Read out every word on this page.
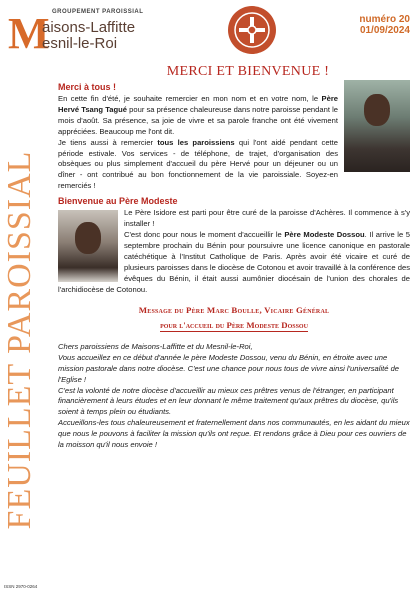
M GROUPEMENT PAROISSIAL
aisons-Laffitte
esnil-le-Roi
numéro 20
01/09/2024
FEUILLET PAROISSIAL
ISSN 2970-0264
MERCI ET BIENVENUE !
Merci à tous !

En cette fin d'été, je souhaite remercier en mon nom et en votre nom, le Père Hervé Tsang Tagué pour sa présence chaleureuse dans notre paroisse pendant le mois d'août. Sa présence, sa joie de vivre et sa parole franche ont été vivement appréciées. Beaucoup me l'ont dit.

Je tiens aussi à remercier tous les paroissiens qui l'ont aidé pendant cette période estivale. Vos services - de téléphone, de trajet, d'organisation des obsèques ou plus simplement d'accueil du père Hervé pour un déjeuner ou un dîner - ont contribué au bon fonctionnement de la vie paroissiale. Soyez-en remerciés !

Bienvenue au Père Modeste

Le Père Isidore est parti pour être curé de la paroisse d'Achères. Il commence à s'y installer !

C'est donc pour nous le moment d'accueillir le Père Modeste Dossou. Il arrive le 5 septembre prochain du Bénin pour poursuivre une licence canonique en pastorale catéchétique à l'Institut Catholique de Paris. Après avoir été vicaire et curé de plusieurs paroisses dans le diocèse de Cotonou et avoir travaillé à la conférence des évêques du Bénin, il était aussi aumônier diocésain de l'union des chorales de l'archidiocèse de Cotonou.

Message du Père Marc Boulle, Vicaire Général
pour l'accueil du Père Modeste Dossou

Chers paroissiens de Maisons-Laffitte et du Mesnil-le-Roi,

Vous accueillez en ce début d'année le père Modeste Dossou, venu du Bénin, en étroite avec une mission pastorale dans notre diocèse. C'est une chance pour nous tous de vivre ainsi l'universalité de l'Eglise !

C'est la volonté de notre diocèse d'accueillir au mieux ces prêtres venus de l'étranger, en participant financièrement à leurs études et en leur donnant le même traitement qu'aux prêtres du diocèse, qu'ils soient à temps plein ou étudiants.

Accueillons-les tous chaleureusement et fraternellement dans nos communautés, en les aidant du mieux que nous le pouvons à faciliter la mission qu'ils ont reçue. Et rendons grâce à Dieu pour ces ouvriers de la moisson qu'il nous envoie !
